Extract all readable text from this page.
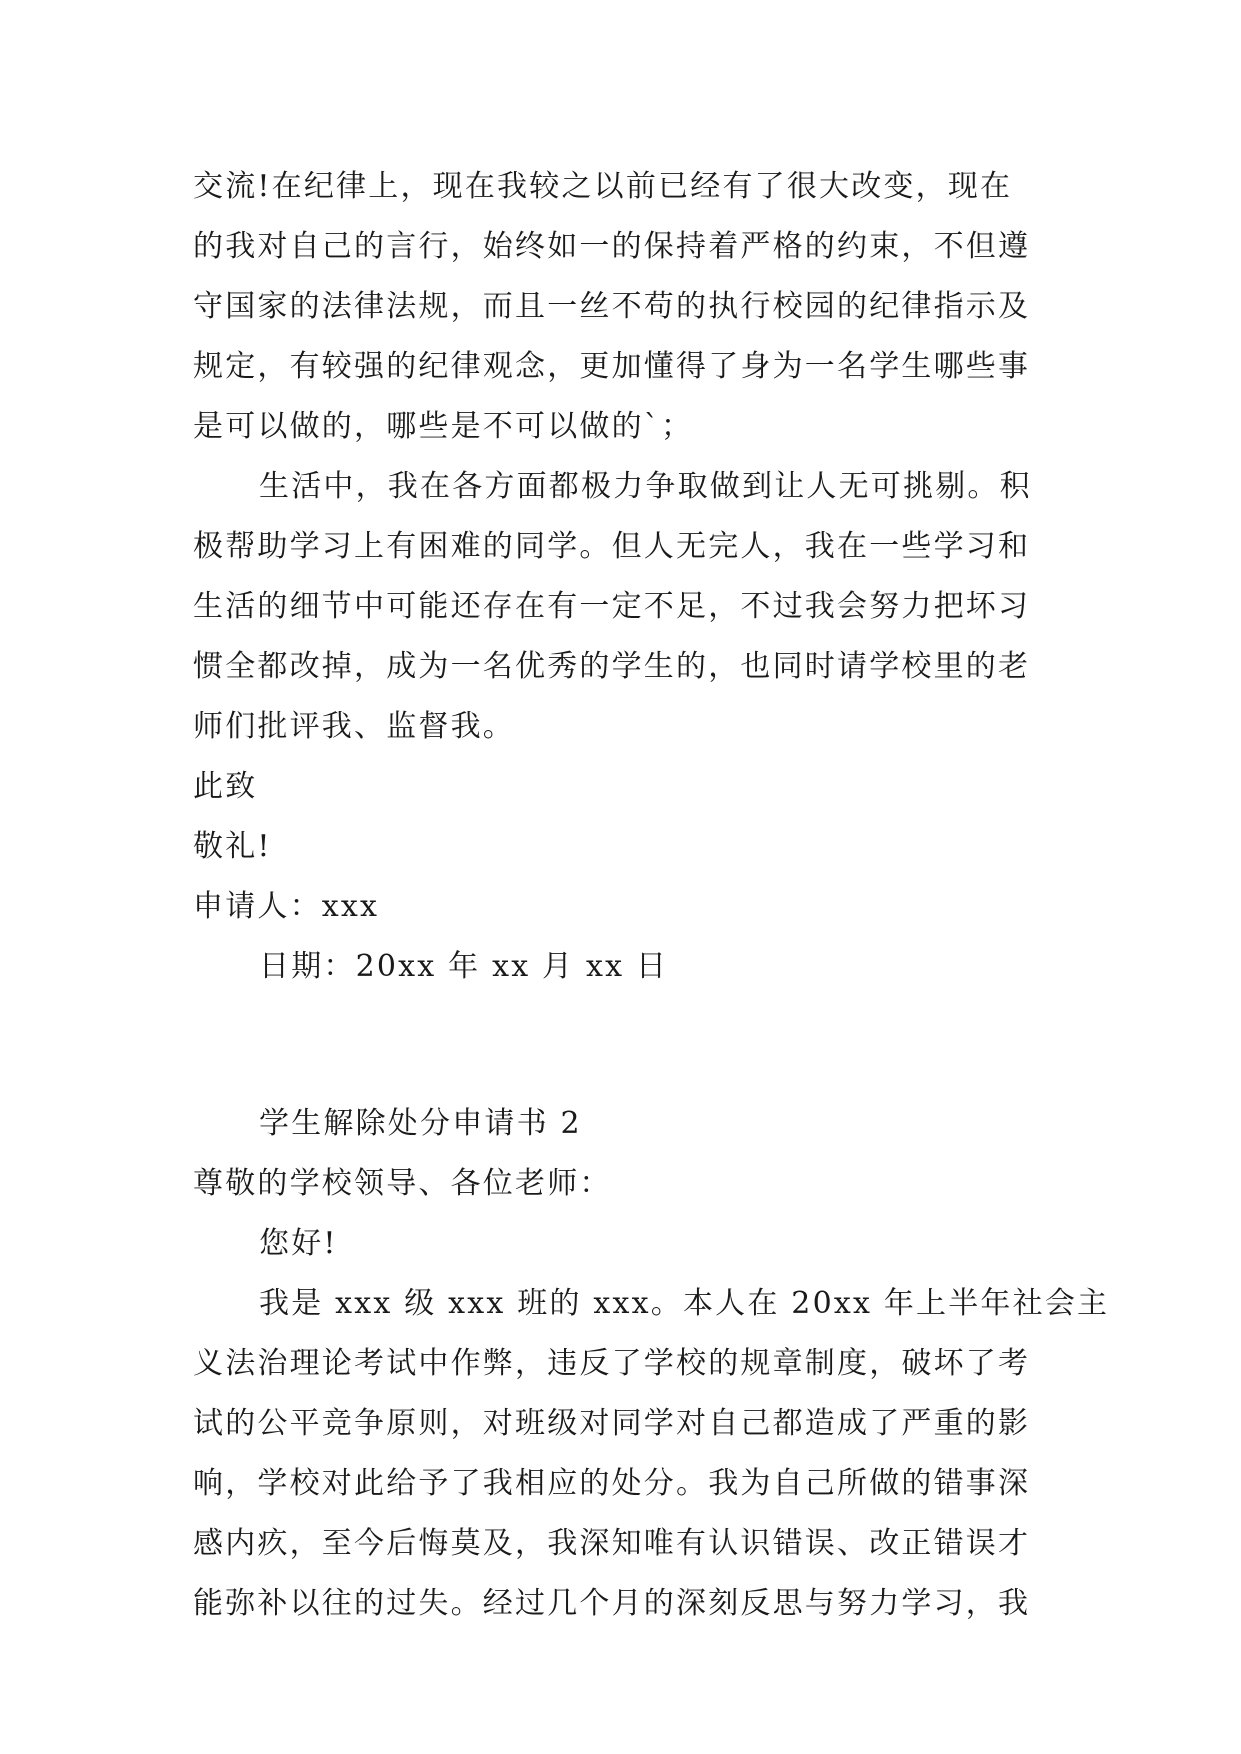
交流!在纪律上，现在我较之以前已经有了很大改变，现在
的我对自己的言行，始终如一的保持着严格的约束，不但遵
守国家的法律法规，而且一丝不苟的执行校园的纪律指示及
规定，有较强的纪律观念，更加懂得了身为一名学生哪些事
是可以做的，哪些是不可以做的`；
生活中，我在各方面都极力争取做到让人无可挑剔。积
极帮助学习上有困难的同学。但人无完人，我在一些学习和
生活的细节中可能还存在有一定不足，不过我会努力把坏习
惯全都改掉，成为一名优秀的学生的，也同时请学校里的老
师们批评我、监督我。
此致
敬礼!
申请人：xxx
日期：20xx 年 xx 月 xx 日
学生解除处分申请书 2
尊敬的学校领导、各位老师：
您好!
我是 xxx 级 xxx 班的 xxx。本人在 20xx 年上半年社会主
义法治理论考试中作弊，违反了学校的规章制度，破坏了考
试的公平竞争原则，对班级对同学对自己都造成了严重的影
响，学校对此给予了我相应的处分。我为自己所做的错事深
感内疚，至今后悔莫及，我深知唯有认识错误、改正错误才
能弥补以往的过失。经过几个月的深刻反思与努力学习，我
